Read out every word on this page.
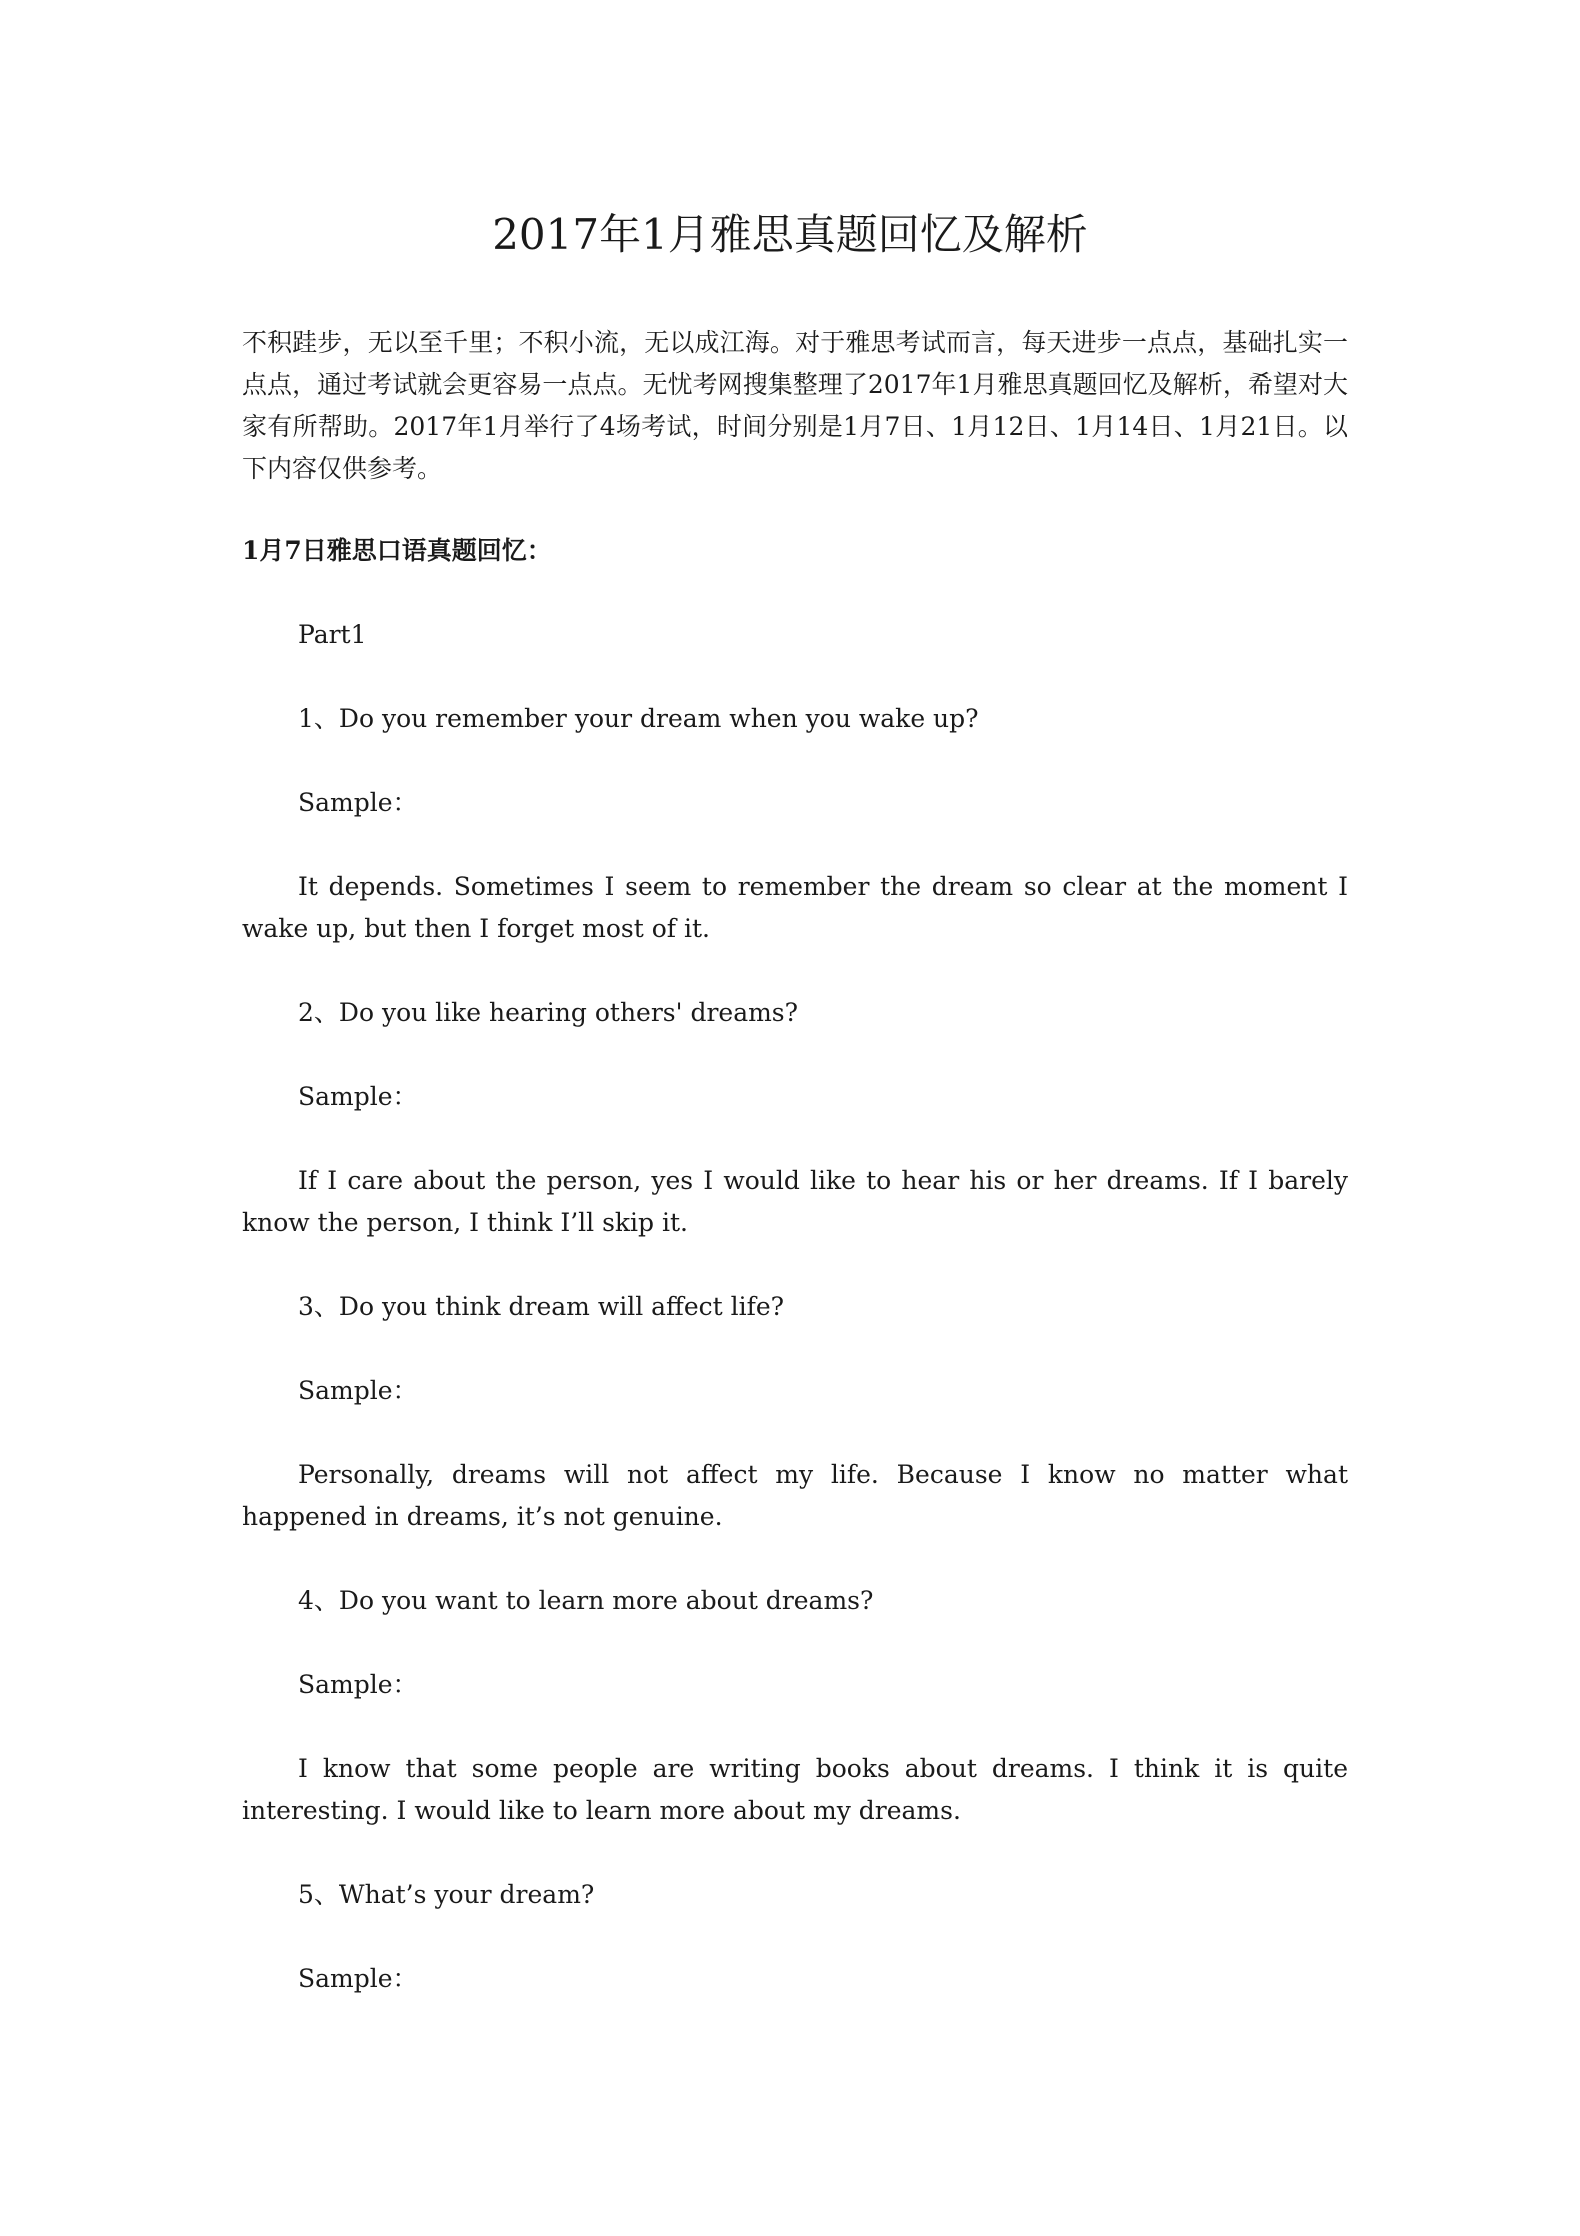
2017年1月雅思真题回忆及解析

不积跬步，无以至千里；不积小流，无以成江海。对于雅思考试而言，每天进步一点点，基础扎实一点点，通过考试就会更容易一点点。无忧考网搜集整理了2017年1月雅思真题回忆及解析，希望对大家有所帮助。2017年1月举行了4场考试，时间分别是1月7日、1月12日、1月14日、1月21日。以下内容仅供参考。

1月7日雅思口语真题回忆：

Part1

1、Do you remember your dream when you wake up?

Sample：

It depends. Sometimes I seem to remember the dream so clear at the moment I wake up, but then I forget most of it.

2、Do you like hearing others' dreams?

Sample：

If I care about the person, yes I would like to hear his or her dreams. If I barely know the person, I think I’ll skip it.

3、Do you think dream will affect life?

Sample：

Personally, dreams will not affect my life. Because I know no matter what happened in dreams, it’s not genuine.

4、Do you want to learn more about dreams?

Sample：

I know that some people are writing books about dreams. I think it is quite interesting. I would like to learn more about my dreams.

5、What’s your dream?

Sample：
